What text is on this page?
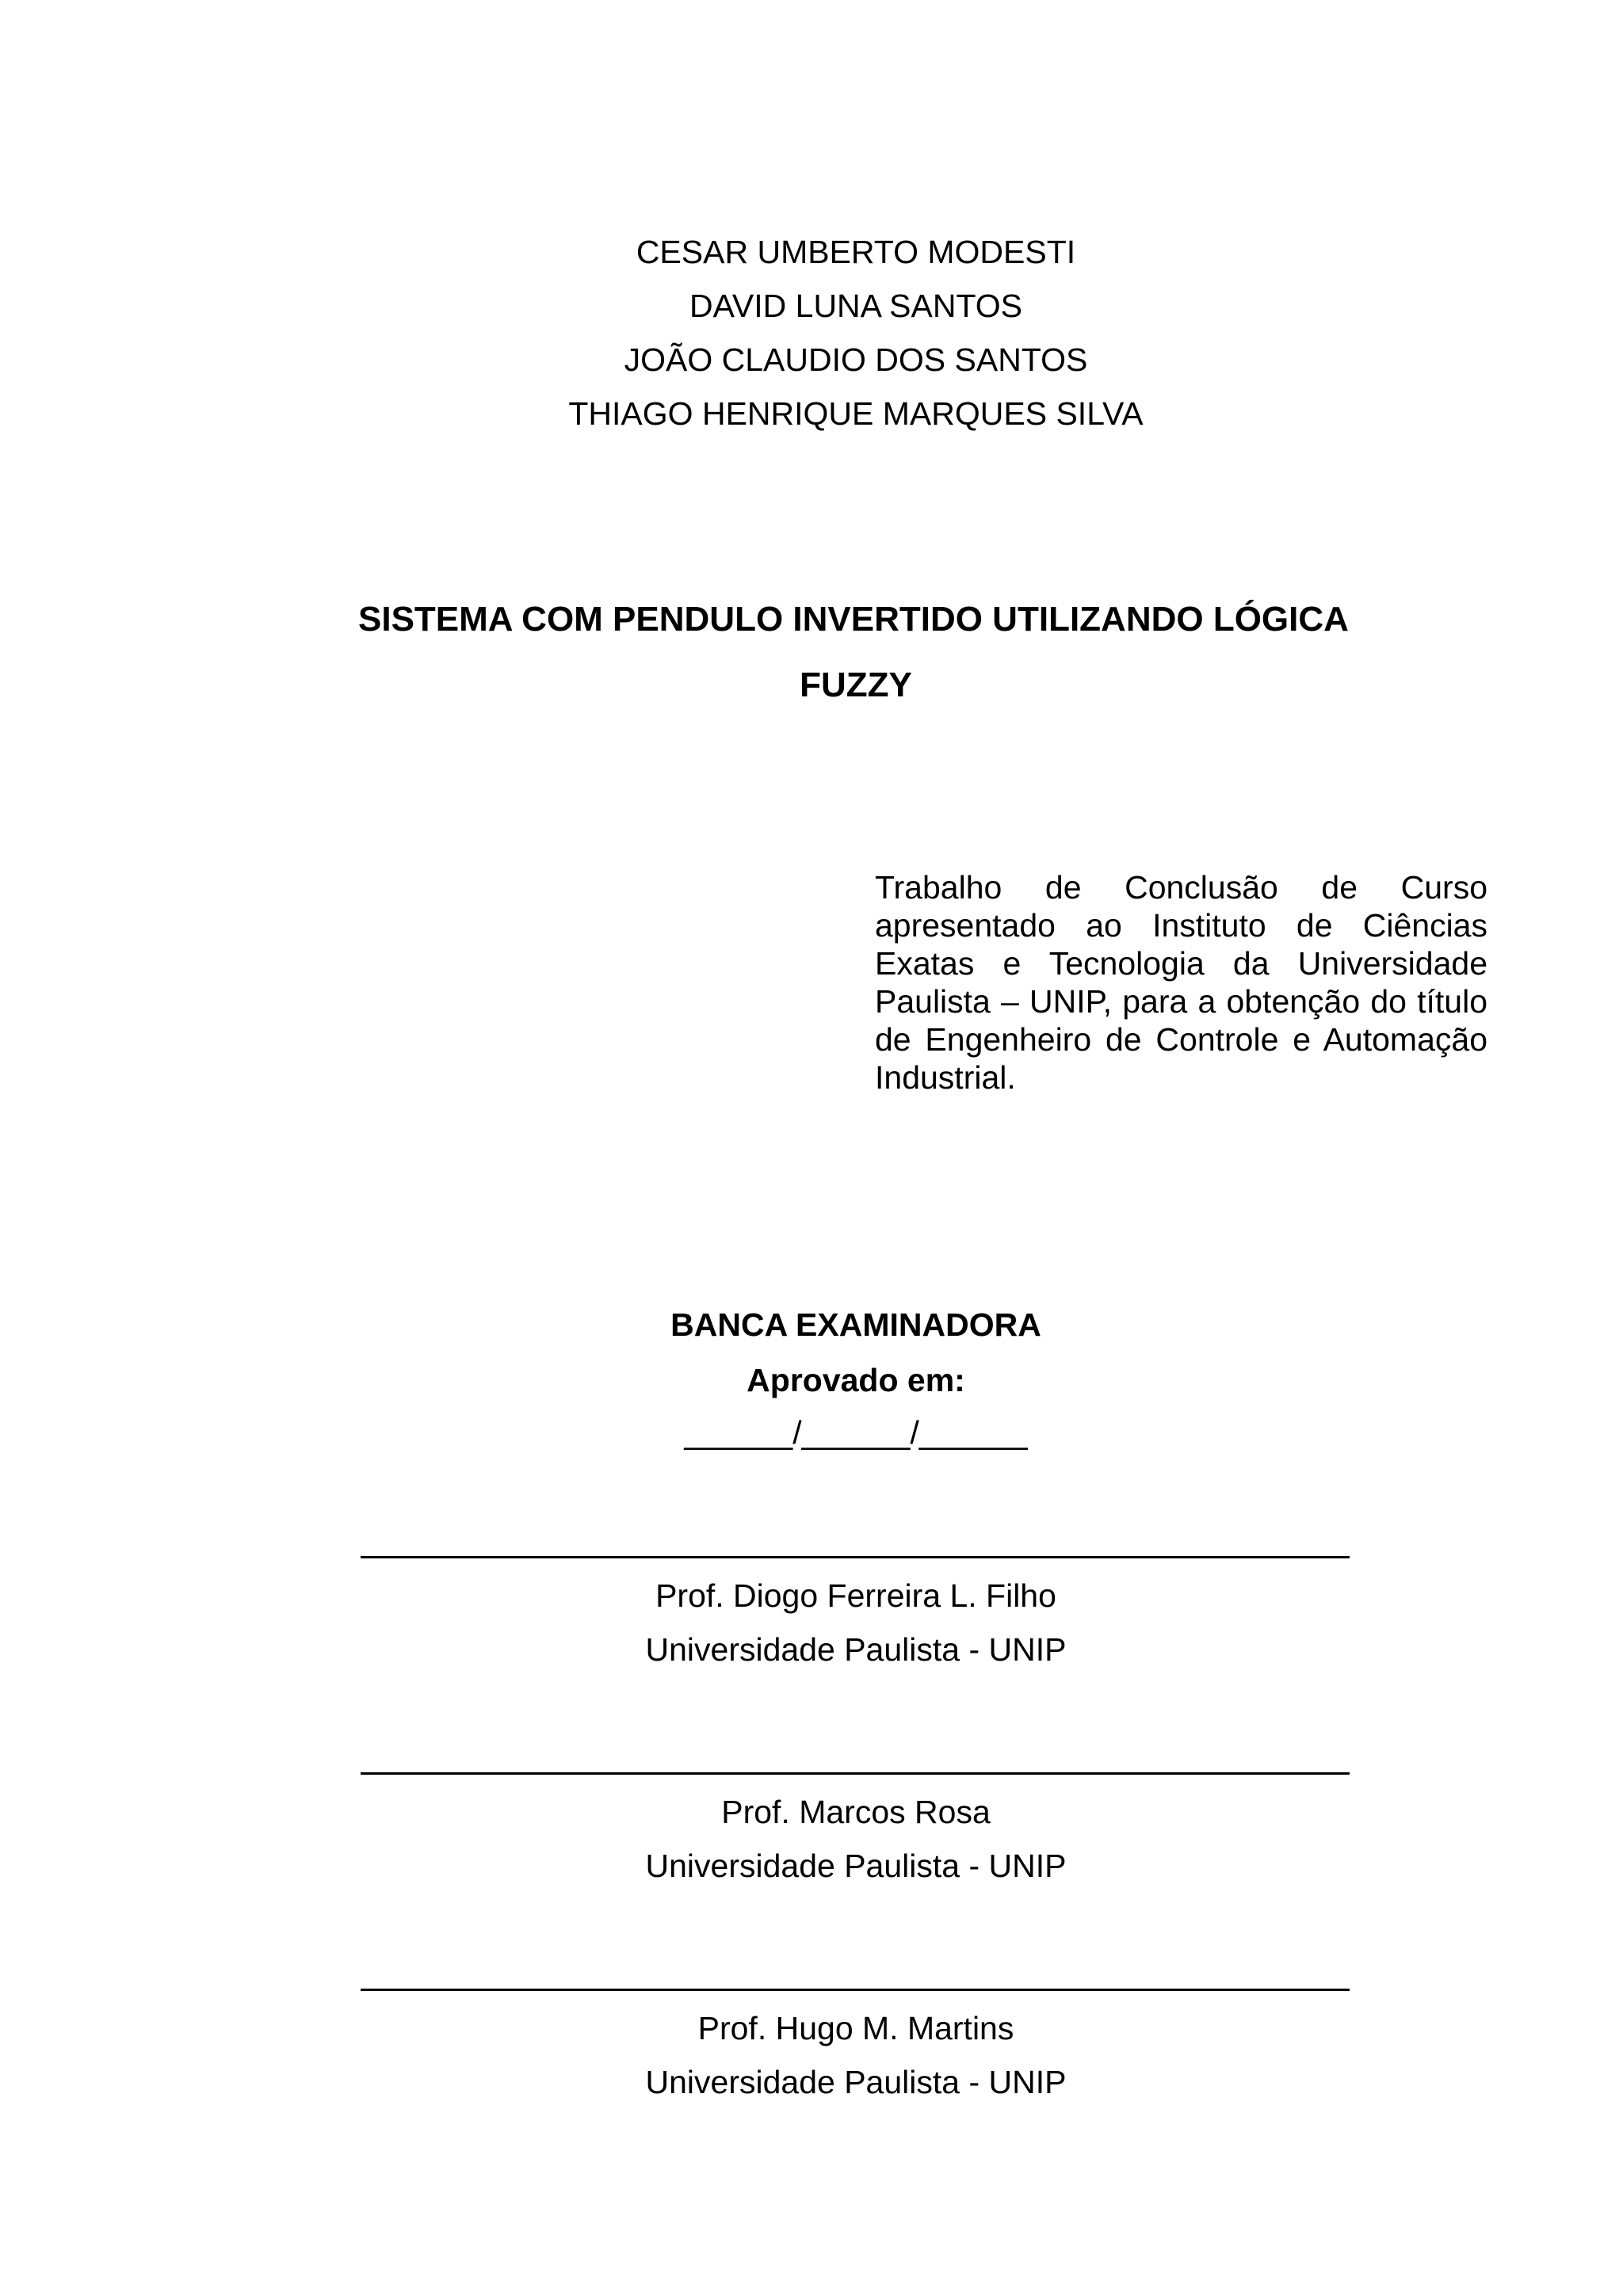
CESAR UMBERTO MODESTI
DAVID LUNA SANTOS
JOÃO CLAUDIO DOS SANTOS
THIAGO HENRIQUE MARQUES SILVA
SISTEMA COM PENDULO INVERTIDO UTILIZANDO LÓGICA
FUZZY
Trabalho de Conclusão de Curso apresentado ao Instituto de Ciências Exatas e Tecnologia da Universidade Paulista – UNIP, para a obtenção do título de Engenheiro de Controle e Automação Industrial.
BANCA EXAMINADORA
Aprovado em:
______/______/______
Prof. Diogo Ferreira L. Filho
Universidade Paulista - UNIP
Prof. Marcos Rosa
Universidade Paulista - UNIP
Prof. Hugo M. Martins
Universidade Paulista - UNIP
